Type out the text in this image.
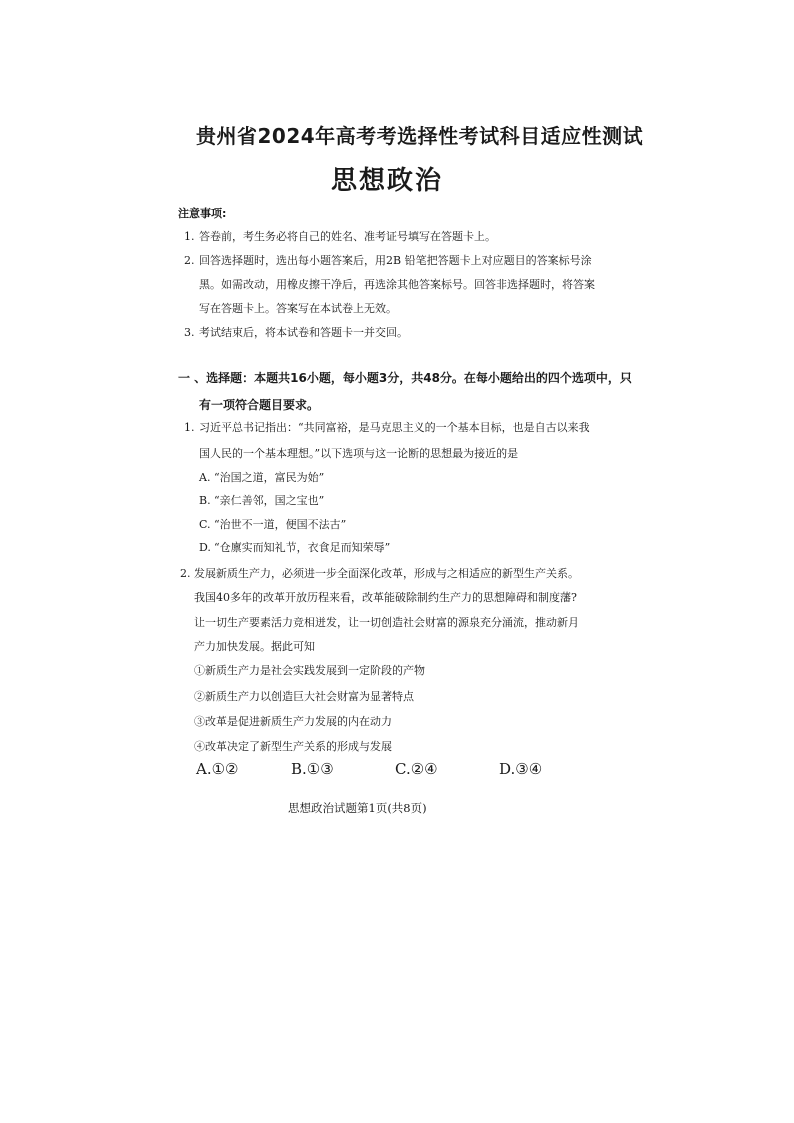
贵州省2024年高考考选择性考试科目适应性测试
思想政治
注意事项:
1. 答卷前，考生务必将自己的姓名、准考证号填写在答题卡上。
2. 回答选择题时，选出每小题答案后，用2B 铅笔把答题卡上对应题目的答案标号涂
黑。如需改动，用橡皮擦干净后，再选涂其他答案标号。回答非选择题时，将答案
写在答题卡上。答案写在本试卷上无效。
3. 考试结束后，将本试卷和答题卡一并交回。
一 、选择题：本题共16小题，每小题3分，共48分。在每小题给出的四个选项中，只
有一项符合题目要求。
1. 习近平总书记指出：“共同富裕，是马克思主义的一个基本目标，也是自古以来我
国人民的一个基本理想。”以下选项与这一论断的思想最为接近的是
A. “治国之道，富民为始”
B. “亲仁善邻，国之宝也”
C. “治世不一道，便国不法古”
D. “仓廪实而知礼节，衣食足而知荣辱”
2. 发展新质生产力，必须进一步全面深化改革，形成与之相适应的新型生产关系。
我国40多年的改革开放历程来看，改革能破除制约生产力的思想障碍和制度藩?
让一切生产要素活力竞相迸发，让一切创造社会财富的源泉充分涌流，推动新月
产力加快发展。据此可知
①新质生产力是社会实践发展到一定阶段的产物
②新质生产力以创造巨大社会财富为显著特点
③改革是促进新质生产力发展的内在动力
④改革决定了新型生产关系的形成与发展
A.①②	B.①③	C.②④	D.③④
思想政治试题第1页(共8页)
